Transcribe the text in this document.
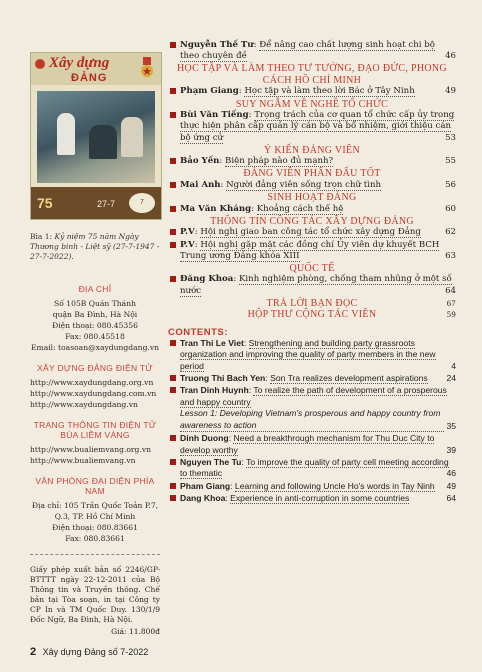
Xây dựng
ĐẢNG
75	27-7	7
Bìa 1: Kỷ niệm 75 năm Ngày Thương binh - Liệt sỹ (27-7-1947 - 27-7-2022).
ĐỊA CHỈ
Số 105B Quán Thánh
quận Ba Đình, Hà Nội
Điện thoại: 080.45356
Fax: 080.45518
Email: toasoan@xaydungdang.vn
XÂY DỰNG ĐẢNG ĐIỆN TỬ
http://www.xaydungdang.org.vn
http://www.xaydungdang.com.vn
http://www.xaydungdang.vn
TRANG THÔNG TIN ĐIỆN TỬ BÚA LIỀM VÀNG
http://www.bualiemvang.org.vn
http://www.bualiemvang.vn
VĂN PHÒNG ĐẠI DIỆN PHÍA NAM
Địa chỉ: 105 Trần Quốc Toản P.7, Q.3, TP. Hồ Chí Minh
Điện thoại: 080.83661
Fax: 080.83661
Giấy phép xuất bản số 2246/GP-BTTTT ngày 22-12-2011 của Bộ Thông tin và Truyền thông. Chế bản tại Tòa soạn, in tại Công ty CP In và TM Quốc Duy. 130/1/9 Đốc Ngữ, Ba Đình, Hà Nội.
Giá: 11.800đ
Nguyễn Thế Tư: Để nâng cao chất lượng sinh hoạt chi bộ theo chuyên đề	46
HỌC TẬP VÀ LÀM THEO TƯ TƯỞNG, ĐẠO ĐỨC, PHONG CÁCH HỒ CHÍ MINH
Phạm Giang: Học tập và làm theo lời Bác ở Tây Ninh	49
SUY NGẪM VỀ NGHỀ TỔ CHỨC
Bùi Văn Tiếng: Trọng trách của cơ quan tổ chức cấp ủy trong thực hiện phân cấp quản lý cán bộ và bổ nhiệm, giới thiệu cán bộ ứng cử	53
Ý KIẾN ĐẢNG VIÊN
Bảo Yến: Biện pháp nào đủ mạnh?	55
ĐẢNG VIÊN PHẤN ĐẤU TỐT
Mai Anh: Người đảng viên sống trọn chữ tình	56
SINH HOẠT ĐẢNG
Ma Văn Kháng: Khoảng cách thế hệ	60
THÔNG TIN CÔNG TÁC XÂY DỰNG ĐẢNG
P.V: Hội nghị giao ban công tác tổ chức xây dựng Đảng	62
P.V: Hội nghị gặp mặt các đồng chí Ủy viên dự khuyết BCH Trung ương Đảng khóa XIII	63
QUỐC TẾ
Đăng Khoa: Kinh nghiệm phòng, chống tham nhũng ở một số nước	64
TRẢ LỜI BẠN ĐỌC	67
HỘP THƯ CỘNG TÁC VIÊN	59
CONTENTS:
Tran Thi Le Viet: Strengthening and building party grassroots organization and improving the quality of party members in the new period	4
Truong Thi Bach Yen: Son Tra realizes development aspirations 24
Tran Dinh Huynh: To realize the path of development of a prosperous and happy country
Lesson 1: Developing Vietnam's prosperous and happy country from awareness to action	35
Dinh Duong: Need a breakthrough mechanism for Thu Duc City to develop worthy	39
Nguyen The Tu: To improve the quality of party cell meeting according to thematic	46
Pham Giang: Learning and following Uncle Ho's words in Tay Ninh 49
Dang Khoa: Experience in anti-corruption in some countries	64
2 Xây dựng Đảng số 7-2022
